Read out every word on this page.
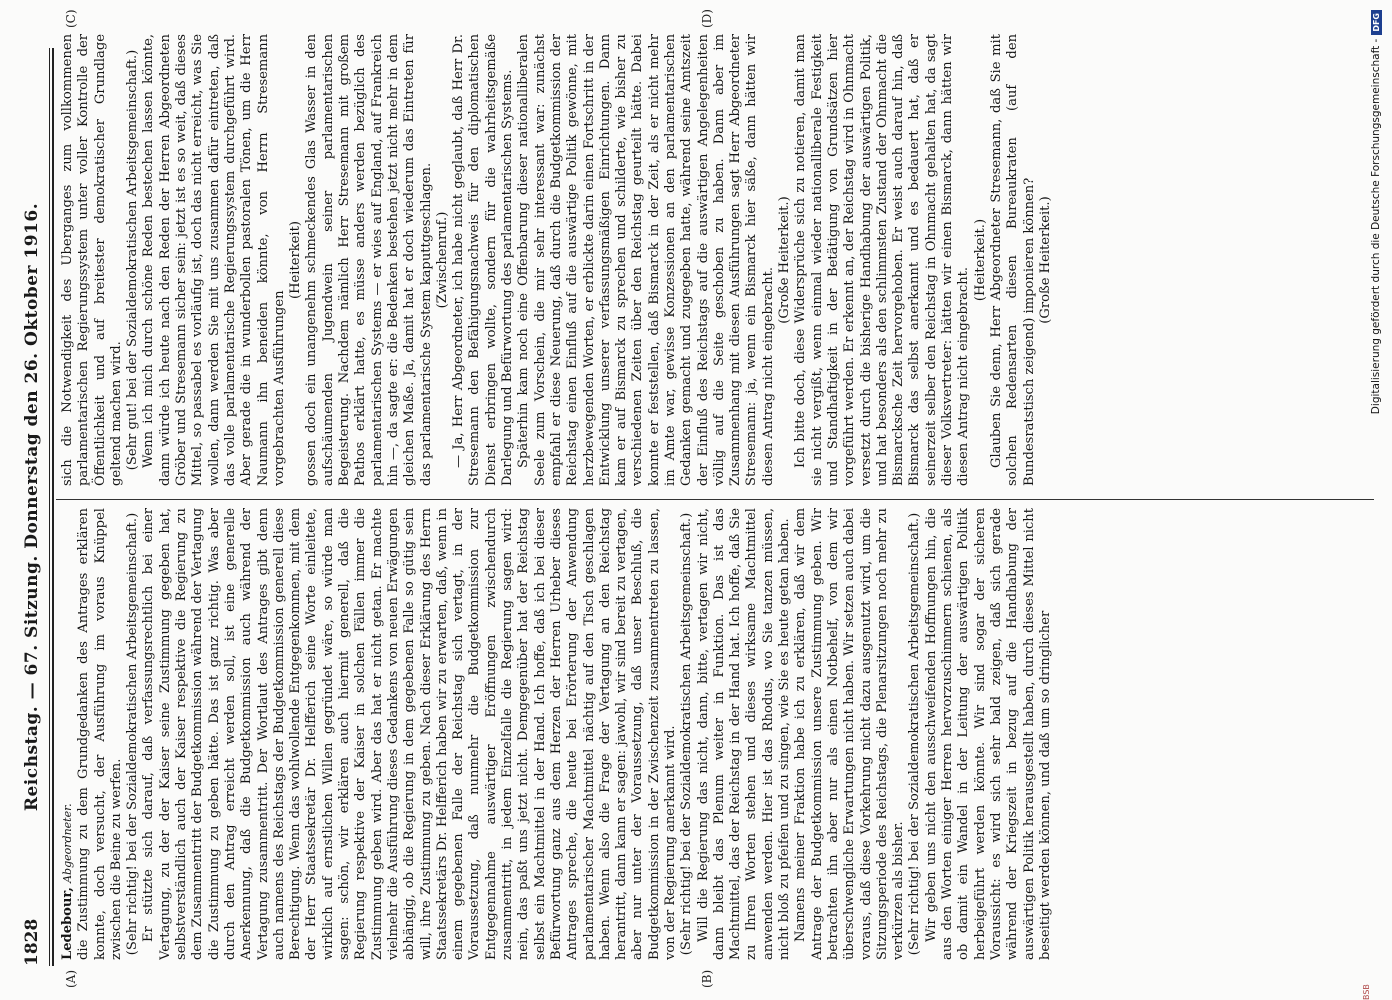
1828
Reichstag. — 67. Sitzung. Donnerstag den 26. Oktober 1916.
(A)	(B)
(C)	(D)

Ledebour, Abgeordneter. die Zustimmung zu dem Grundgedanken des Antrages erklären konnte, doch versucht, der Ausführung im voraus Knüppel zwischen die Beine zu werfen. (Sehr richtig! bei der Sozialdemokratischen Arbeitsgemeinschaft.) Er stützte sich darauf, daß verfassungsrechtlich bei einer Vertagung, zu der der Kaiser seine Zustimmung gegeben hat, selbstverständlich auch der Kaiser respektive die Regierung zu dem Zusammentritt der Budgetkommission während der Vertagung die Zustimmung zu geben hätte. Das ist ganz richtig. Was aber durch den Antrag erreicht werden soll, ist eine generelle Anerkennung, daß die Budgetkommission auch während der Vertagung zusammentritt. Der Wortlaut des Antrages gibt denn auch namens des Reichstags der Budgetkommission generell diese Berechtigung. Wenn das wohlwollende Entgegenkommen, mit dem der Herr Staatssekretär Dr. Helfferich seine Worte einleitete, wirklich auf ernstlichen Willen gegründet wäre, so würde man sagen: schön, wir erklären auch hiermit generell, daß die Regierung respektive der Kaiser in solchen Fällen immer die Zustimmung geben wird. Aber das hat er nicht getan. Er machte vielmehr die Ausführung dieses Gedankens von neuen Erwägungen abhängig, ob die Regierung in dem gegebenen Falle so gütig sein will, ihre Zustimmung zu geben. Nach dieser Erklärung des Herrn Staatssekretärs Dr. Helfferich haben wir zu erwarten, daß, wenn in einem gegebenen Falle der Reichstag sich vertagt, in der Voraussetzung, daß nunmehr die Budgetkommission zur Entgegennahme auswärtiger Eröffnungen zwischendurch zusammentritt, in jedem Einzelfalle die Regierung sagen wird: nein, das paßt uns jetzt nicht. Demgegenüber hat der Reichstag selbst ein Machtmittel in der Hand. Ich hoffe, daß ich bei dieser Befürwortung ganz aus dem Herzen der Herren Urheber dieses Antrages spreche, die heute bei Erörterung der Anwendung parlamentarischer Machtmittel nächtig auf den Tisch geschlagen haben. Wenn also die Frage der Vertagung an den Reichstag herantritt, dann kann er sagen: jawohl, wir sind bereit zu vertagen, aber nur unter der Voraussetzung, daß unser Beschluß, die Budgetkommission in der Zwischenzeit zusammentreten zu lassen, von der Regierung anerkannt wird. (Sehr richtig! bei der Sozialdemokratischen Arbeitsgemeinschaft.) Will die Regierung das nicht, dann, bitte, vertagen wir nicht, dann bleibt das Plenum weiter in Funktion. Das ist das Machtmittel, das der Reichstag in der Hand hat. Ich hoffe, daß Sie zu Ihren Worten stehen und dieses wirksame Machtmittel anwenden werden. Hier ist das Rhodus, wo Sie tanzen müssen, nicht bloß zu pfeifen und zu singen, wie Sie es heute getan haben. Namens meiner Fraktion habe ich zu erklären, daß wir dem Antrage der Budgetkommission unsere Zustimmung geben. Wir betrachten ihn aber nur als einen Notbehelf, von dem wir überschwengliche Erwartungen nicht haben. Wir setzen auch dabei voraus, daß diese Vorkehrung nicht dazu ausgenutzt wird, um die Sitzungsperiode des Reichstags, die Plenarsitzungen noch mehr zu verkürzen als bisher. (Sehr richtig! bei der Sozialdemokratischen Arbeitsgemeinschaft.) Wir geben uns nicht den ausschweifenden Hoffnungen hin, die aus den Worten einiger Herren hervorzuschimmern schienen, als ob damit ein Wandel in der Leitung der auswärtigen Politik herbeigeführt werden könnte. Wir sind sogar der sicheren Voraussicht: es wird sich sehr bald zeigen, daß sich gerade während der Kriegszeit in bezug auf die Handhabung der auswärtigen Politik herausgestellt haben, durch dieses Mittel nicht beseitigt werden können, und daß um so dringlicher

sich die Notwendigkeit des Überganges zum vollkommenen parlamentarischen Regierungssystem unter voller Kontrolle der Öffentlichkeit und auf breitester demokratischer Grundlage geltend machen wird. (Sehr gut! bei der Sozialdemokratischen Arbeitsgemeinschaft.) Wenn ich mich durch schöne Reden bestechen lassen könnte, dann würde ich heute nach den Reden der Herren Abgeordneten Gröber und Stresemann sicher sein: jetzt ist es so weit, daß dieses Mittel, so passabel es vorläufig ist, doch das nicht erreicht, was Sie wollen, dann werden Sie mit uns zusammen dafür eintreten, daß das volle parlamentarische Regierungssystem durchgeführt wird. Aber gerade die in wunderbollen pastoralen Tönen, um die Herr Naumann ihn beneiden könnte, von Herrn Stresemann vorgebrachten Ausführungen

(Heiterkeit) gossen doch ein unangenehm schmeckendes Glas Wasser in den aufschäumenden Jugendwein seiner parlamentarischen Begeisterung. Nachdem nämlich Herr Stresemann mit großem Pathos erklärt hatte, es müsse anders werden bezüglich des parlamentarischen Systems — er wies auf England, auf Frankreich hin —, da sagte er: die Bedenken bestehen jetzt nicht mehr in dem gleichen Maße. Ja, damit hat er doch wiederum das Eintreten für das parlamentarische System kaputtgeschlagen. (Zwischenruf.) — Ja, Herr Abgeordneter, ich habe nicht geglaubt, daß Herr Dr. Stresemann den Befähigungsnachweis für den diplomatischen Dienst erbringen wollte, sondern für die wahrheitsgemäße Darlegung und Befürwortung des parlamentarischen Systems. Späterhin kam noch eine Offenbarung dieser nationalliberalen Seele zum Vorschein, die mir sehr interessant war: zunächst empfahl er diese Neuerung, daß durch die Budgetkommission der Reichstag einen Einfluß auf die auswärtige Politik gewönne, mit herzbewegenden Worten, er erblickte darin einen Fortschritt in der Entwicklung unserer verfassungsmäßigen Einrichtungen. Dann kam er auf Bismarck zu sprechen und schilderte, wie bisher zu verschiedenen Zeiten über den Reichstag geurteilt hätte. Dabei konnte er feststellen, daß Bismarck in der Zeit, als er nicht mehr im Amte war, gewisse Konzessionen an den parlamentarischen Gedanken gemacht und zugegeben hatte, während seine Amtszeit der Einfluß des Reichstags auf die auswärtigen Angelegenheiten völlig auf die Seite geschoben zu haben. Dann aber im Zusammenhang mit diesen Ausführungen sagt Herr Abgeordneter Stresemann: ja, wenn ein Bismarck hier säße, dann hätten wir diesen Antrag nicht eingebracht.

(Große Heiterkeit.) Ich bitte doch, diese Widersprüche sich zu notieren, damit man sie nicht vergißt, wenn einmal wieder nationalliberale Festigkeit und Standhaftigkeit in der Betätigung von Grundsätzen hier vorgeführt werden. Er erkennt an, der Reichstag wird in Ohnmacht versetzt durch die bisherige Handhabung der auswärtigen Politik, und hat besonders als den schlimmsten Zustand der Ohnmacht die Bismarcksche Zeit hervorgehoben. Er weist auch darauf hin, daß Bismarck das selbst anerkannt und es bedauert hat, daß er seinerzeit selber den Reichstag in Ohnmacht gehalten hat, da sagt dieser Volksvertreter: hätten wir einen Bismarck, dann hätten wir diesen Antrag nicht eingebracht.

(Heiterkeit.) Glauben Sie denn, Herr Abgeordneter Stresemann, daß Sie mit solchen Redensarten diesen Bureaukraten (auf den Bundesratstisch zeigend) imponieren können? (Große Heiterkeit.)

BSB
Digitalisierung gefördert durch die Deutsche Forschungsgemeinschaft -DFG
